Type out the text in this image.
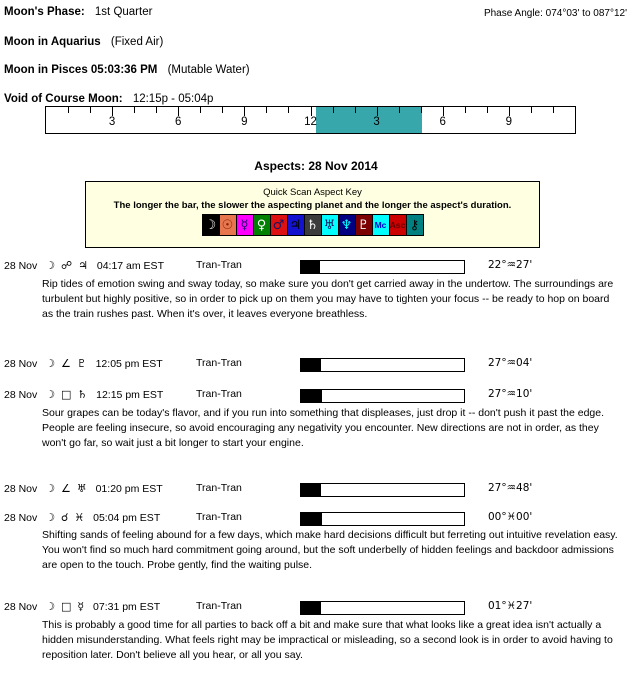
Moon's Phase: 1st Quarter	Phase Angle: 074°03' to 087°12'
Moon in Aquarius (Fixed Air)
Moon in Pisces 05:03:36 PM (Mutable Water)
Void of Course Moon: 12:15p - 05:04p
3	6	9	12	3	6	9
Aspects: 28 Nov 2014
Quick Scan Aspect Key
The longer the bar, the slower the aspecting planet and the longer the aspect's duration.
☽ ☉ ☿ ♀ ♂ ♃ ♄ ♅ ♆ ♇ Mc Asc ⚷
28 Nov ☽ ☍ ♃ 04:17 am EST	Tran-Tran	22°♒27'
Rip tides of emotion swing and sway today, so make sure you don't get carried away in the undertow. The surroundings are turbulent but highly positive, so in order to pick up on them you may have to tighten your focus -- be ready to hop on board as the train rushes past. When it's over, it leaves everyone breathless.
28 Nov ☽ ∠ ♇ 12:05 pm EST	Tran-Tran	27°♒04'
28 Nov ☽ □ ♄ 12:15 pm EST	Tran-Tran	27°♒10'
Sour grapes can be today's flavor, and if you run into something that displeases, just drop it -- don't push it past the edge. People are feeling insecure, so avoid encouraging any negativity you encounter. New directions are not in order, as they won't go far, so wait just a bit longer to start your engine.
28 Nov ☽ ∠ ♅ 01:20 pm EST	Tran-Tran	27°♒48'
28 Nov ☽ ☌ ♓ 05:04 pm EST	Tran-Tran	00°♓00'
Shifting sands of feeling abound for a few days, which make hard decisions difficult but ferreting out intuitive revelation easy. You won't find so much hard commitment going around, but the soft underbelly of hidden feelings and backdoor admissions are open to the touch. Probe gently, find the waiting pulse.
28 Nov ☽ □ ☿ 07:31 pm EST	Tran-Tran	01°♓27'
This is probably a good time for all parties to back off a bit and make sure that what looks like a great idea isn't actually a hidden misunderstanding. What feels right may be impractical or misleading, so a second look is in order to avoid having to reposition later. Don't believe all you hear, or all you say.
